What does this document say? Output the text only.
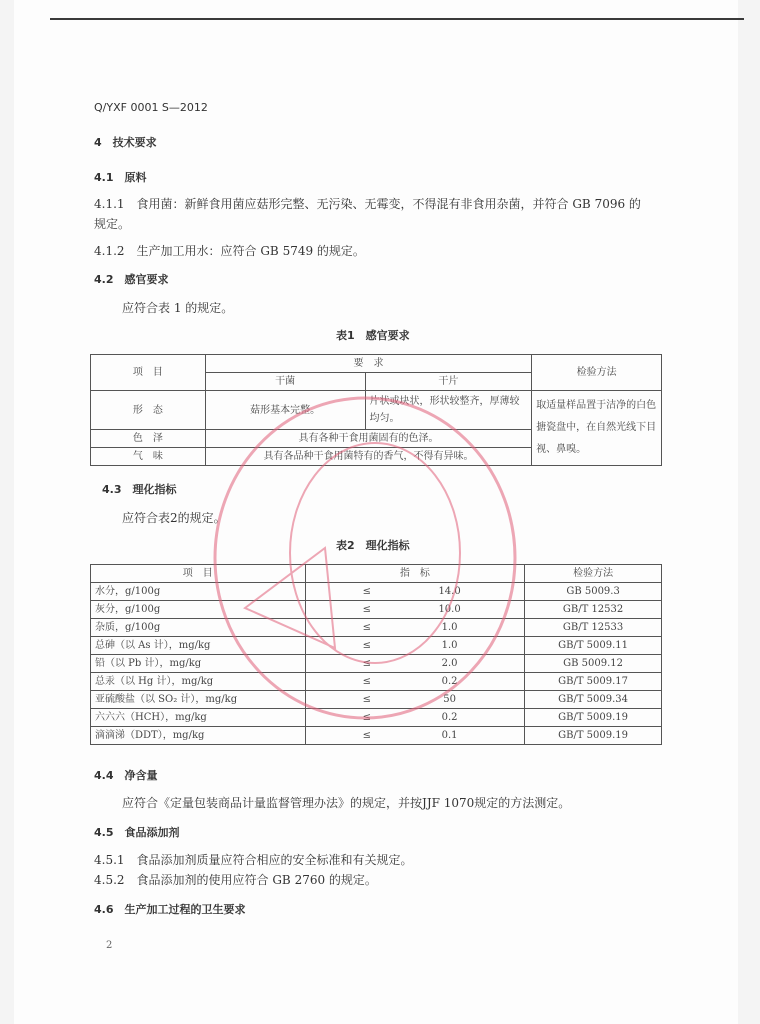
Q/YXF 0001 S—2012
4　技术要求
4.1　原料
4.1.1　食用菌：新鲜食用菌应菇形完整、无污染、无霉变，不得混有非食用杂菌，并符合 GB 7096 的
规定。
4.1.2　生产加工用水：应符合 GB 5749 的规定。
4.2　感官要求
应符合表 1 的规定。
表1　感官要求
项　目	要　求		检验方法
	干菌	干片	
形　态	菇形基本完整。	片状或块状，形状较整齐，厚薄较均匀。	取适量样品置于洁净的白色搪瓷盘中，在自然光线下目视、鼻嗅。
色　泽	具有各种干食用菌固有的色泽。		
气　味	具有各品种干食用菌特有的香气，不得有异味。		
4.3　理化指标
应符合表2的规定。
表2　理化指标
项　目	指　标		检验方法
水分，g/100g	≤	14.0	GB 5009.3
灰分，g/100g	≤	10.0	GB/T 12532
杂质，g/100g	≤	1.0	GB/T 12533
总砷（以 As 计），mg/kg	≤	1.0	GB/T 5009.11
铅（以 Pb 计），mg/kg	≤	2.0	GB 5009.12
总汞（以 Hg 计），mg/kg	≤	0.2	GB/T 5009.17
亚硫酸盐（以 SO₂ 计），mg/kg	≤	50	GB/T 5009.34
六六六（HCH），mg/kg	≤	0.2	GB/T 5009.19
滴滴涕（DDT），mg/kg	≤	0.1	GB/T 5009.19
4.4　净含量
应符合《定量包装商品计量监督管理办法》的规定，并按JJF 1070规定的方法测定。
4.5　食品添加剂
4.5.1　食品添加剂质量应符合相应的安全标准和有关规定。
4.5.2　食品添加剂的使用应符合 GB 2760 的规定。
4.6　生产加工过程的卫生要求
2
